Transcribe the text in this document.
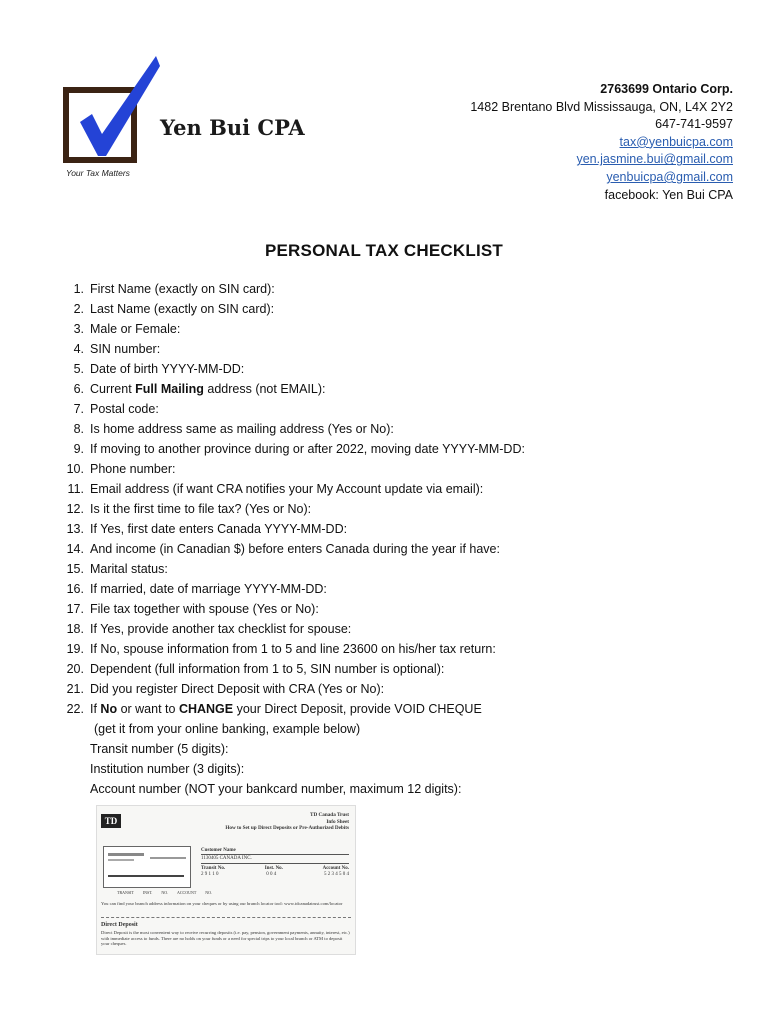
Yen Bui CPA
Your Tax Matters
2763699 Ontario Corp.
1482 Brentano Blvd Mississauga, ON, L4X 2Y2
647-741-9597
tax@yenbuicpa.com
yen.jasmine.bui@gmail.com
yenbuicpa@gmail.com
facebook: Yen Bui CPA
PERSONAL TAX CHECKLIST
1. First Name (exactly on SIN card):
2. Last Name (exactly on SIN card):
3. Male or Female:
4. SIN number:
5. Date of birth YYYY-MM-DD:
6. Current Full Mailing address (not EMAIL):
7. Postal code:
8. Is home address same as mailing address (Yes or No):
9. If moving to another province during or after 2022, moving date YYYY-MM-DD:
10. Phone number:
11. Email address (if want CRA notifies your My Account update via email):
12. Is it the first time to file tax? (Yes or No):
13. If Yes, first date enters Canada YYYY-MM-DD:
14. And income (in Canadian $) before enters Canada during the year if have:
15. Marital status:
16. If married, date of marriage YYYY-MM-DD:
17. File tax together with spouse (Yes or No):
18. If Yes, provide another tax checklist for spouse:
19. If No, spouse information from 1 to 5 and line 23600 on his/her tax return:
20. Dependent (full information from 1 to 5, SIN number is optional):
21. Did you register Direct Deposit with CRA (Yes or No):
22. If No or want to CHANGE your Direct Deposit, provide VOID CHEQUE
(get it from your online banking, example below)
Transit number (5 digits):
Institution number (3 digits):
Account number (NOT your bankcard number, maximum 12 digits):
TD
TD Canada Trust
Info Sheet
How to Set up Direct Deposits or Pre-Authorized Debits
TRANSIT INST. NO. ACCOUNT NO.
Customer Name
1130405 CANADA INC.
Transit No.	Inst. No.	Account No.
2 9 1 1 0	0 0 4	5 2 3 4 5 0 4
You can find your branch address information on your cheques or by using our branch locator tool: www.tdcanadatrust.com/locator
Direct Deposit
Direct Deposit is the most convenient way to receive recurring deposits (i.e. pay, pension, government payments, annuity, interest, etc.) with immediate access to funds. There are no holds on your funds or a need for special trips to your local branch or ATM to deposit your cheques.
